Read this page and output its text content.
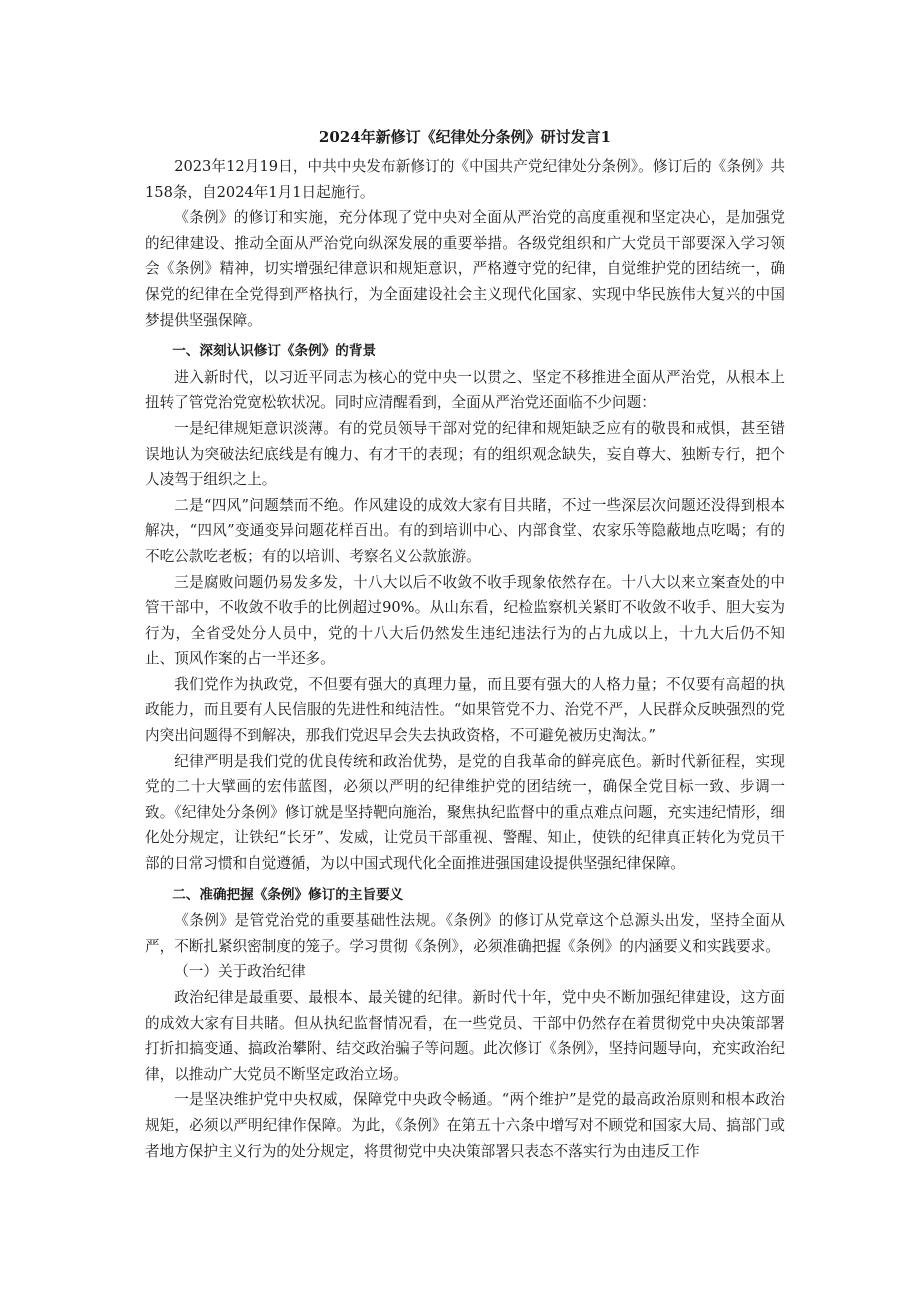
2024年新修订《纪律处分条例》研讨发言1

2023年12月19日，中共中央发布新修订的《中国共产党纪律处分条例》。修订后的《条例》共158条，自2024年1月1日起施行。

《条例》的修订和实施，充分体现了党中央对全面从严治党的高度重视和坚定决心，是加强党的纪律建设、推动全面从严治党向纵深发展的重要举措。各级党组织和广大党员干部要深入学习领会《条例》精神，切实增强纪律意识和规矩意识，严格遵守党的纪律，自觉维护党的团结统一，确保党的纪律在全党得到严格执行，为全面建设社会主义现代化国家、实现中华民族伟大复兴的中国梦提供坚强保障。

一、深刻认识修订《条例》的背景

进入新时代，以习近平同志为核心的党中央一以贯之、坚定不移推进全面从严治党，从根本上扭转了管党治党宽松软状况。同时应清醒看到，全面从严治党还面临不少问题：

一是纪律规矩意识淡薄。有的党员领导干部对党的纪律和规矩缺乏应有的敬畏和戒惧，甚至错误地认为突破法纪底线是有魄力、有才干的表现；有的组织观念缺失，妄自尊大、独断专行，把个人凌驾于组织之上。

二是“四风”问题禁而不绝。作风建设的成效大家有目共睹，不过一些深层次问题还没得到根本解决，“四风”变通变异问题花样百出。有的到培训中心、内部食堂、农家乐等隐蔽地点吃喝；有的不吃公款吃老板；有的以培训、考察名义公款旅游。

三是腐败问题仍易发多发，十八大以后不收敛不收手现象依然存在。十八大以来立案查处的中管干部中，不收敛不收手的比例超过90%。从山东看，纪检监察机关紧盯不收敛不收手、胆大妄为行为，全省受处分人员中，党的十八大后仍然发生违纪违法行为的占九成以上，十九大后仍不知止、顶风作案的占一半还多。

我们党作为执政党，不但要有强大的真理力量，而且要有强大的人格力量；不仅要有高超的执政能力，而且要有人民信服的先进性和纯洁性。“如果管党不力、治党不严，人民群众反映强烈的党内突出问题得不到解决，那我们党迟早会失去执政资格，不可避免被历史淘汰。”

纪律严明是我们党的优良传统和政治优势，是党的自我革命的鲜亮底色。新时代新征程，实现党的二十大擘画的宏伟蓝图，必须以严明的纪律维护党的团结统一，确保全党目标一致、步调一致。《纪律处分条例》修订就是坚持靶向施治，聚焦执纪监督中的重点难点问题，充实违纪情形，细化处分规定，让铁纪“长牙”、发威，让党员干部重视、警醒、知止，使铁的纪律真正转化为党员干部的日常习惯和自觉遵循，为以中国式现代化全面推进强国建设提供坚强纪律保障。

二、准确把握《条例》修订的主旨要义

《条例》是管党治党的重要基础性法规。《条例》的修订从党章这个总源头出发，坚持全面从严，不断扎紧织密制度的笼子。学习贯彻《条例》，必须准确把握《条例》的内涵要义和实践要求。

（一）关于政治纪律

政治纪律是最重要、最根本、最关键的纪律。新时代十年，党中央不断加强纪律建设，这方面的成效大家有目共睹。但从执纪监督情况看，在一些党员、干部中仍然存在着贯彻党中央决策部署打折扣搞变通、搞政治攀附、结交政治骗子等问题。此次修订《条例》，坚持问题导向，充实政治纪律，以推动广大党员不断坚定政治立场。

一是坚决维护党中央权威，保障党中央政令畅通。“两个维护”是党的最高政治原则和根本政治规矩，必须以严明纪律作保障。为此，《条例》在第五十六条中增写对不顾党和国家大局、搞部门或者地方保护主义行为的处分规定，将贯彻党中央决策部署只表态不落实行为由违反工作
